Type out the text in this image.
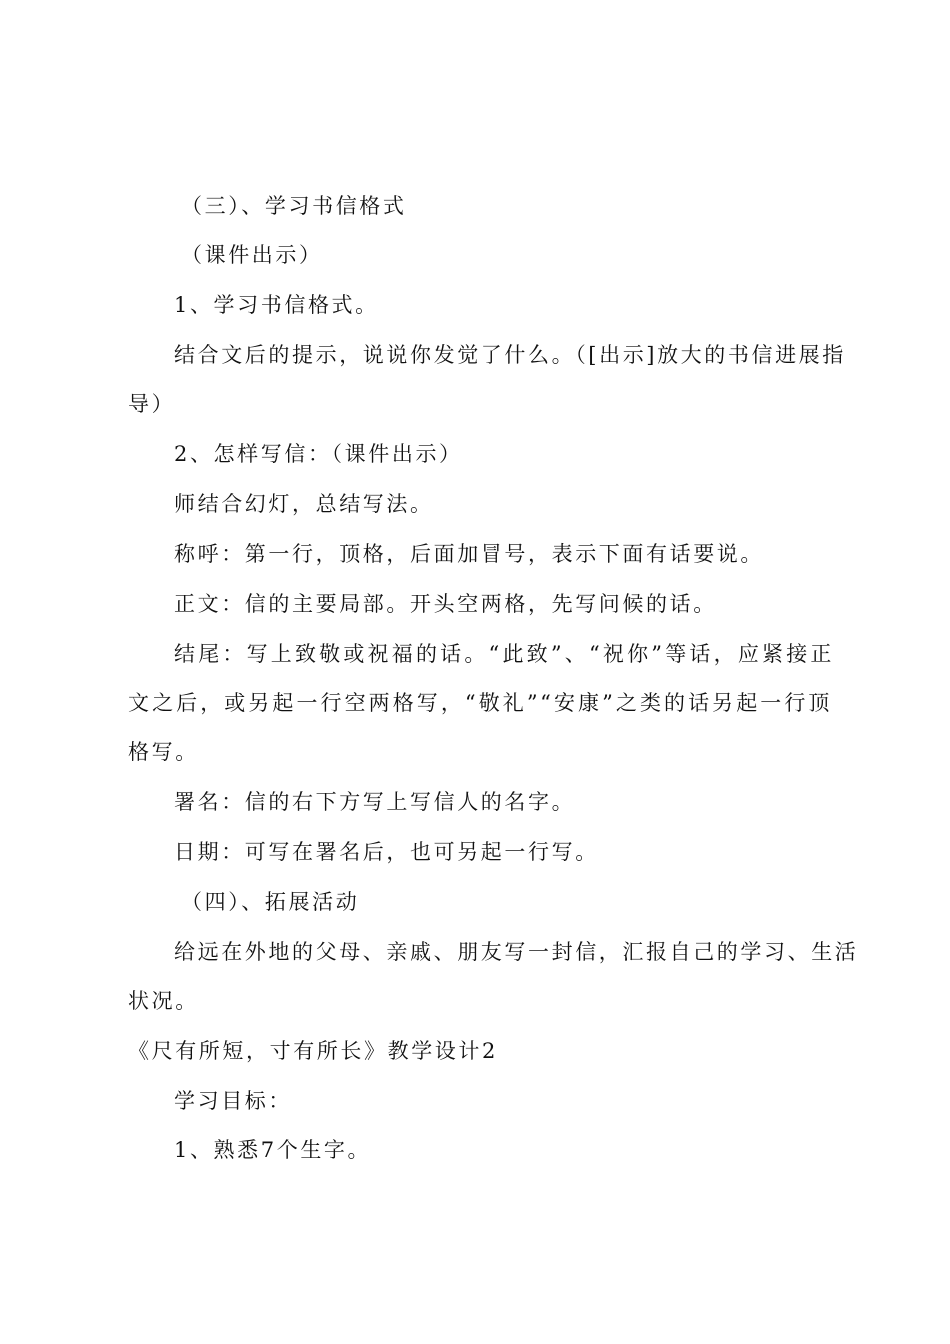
（三）、学习书信格式
（课件出示）
1、学习书信格式。
结合文后的提示，说说你发觉了什么。（[出示]放大的书信进展指
导）
2、怎样写信：（课件出示）
师结合幻灯，总结写法。
称呼：第一行，顶格，后面加冒号，表示下面有话要说。
正文：信的主要局部。开头空两格，先写问候的话。
结尾：写上致敬或祝福的话。“此致”、“祝你”等话，应紧接正
文之后，或另起一行空两格写，“敬礼”“安康”之类的话另起一行顶
格写。
署名：信的右下方写上写信人的名字。
日期：可写在署名后，也可另起一行写。
（四）、拓展活动
给远在外地的父母、亲戚、朋友写一封信，汇报自己的学习、生活
状况。
《尺有所短，寸有所长》教学设计2
学习目标：
1、熟悉7个生字。
